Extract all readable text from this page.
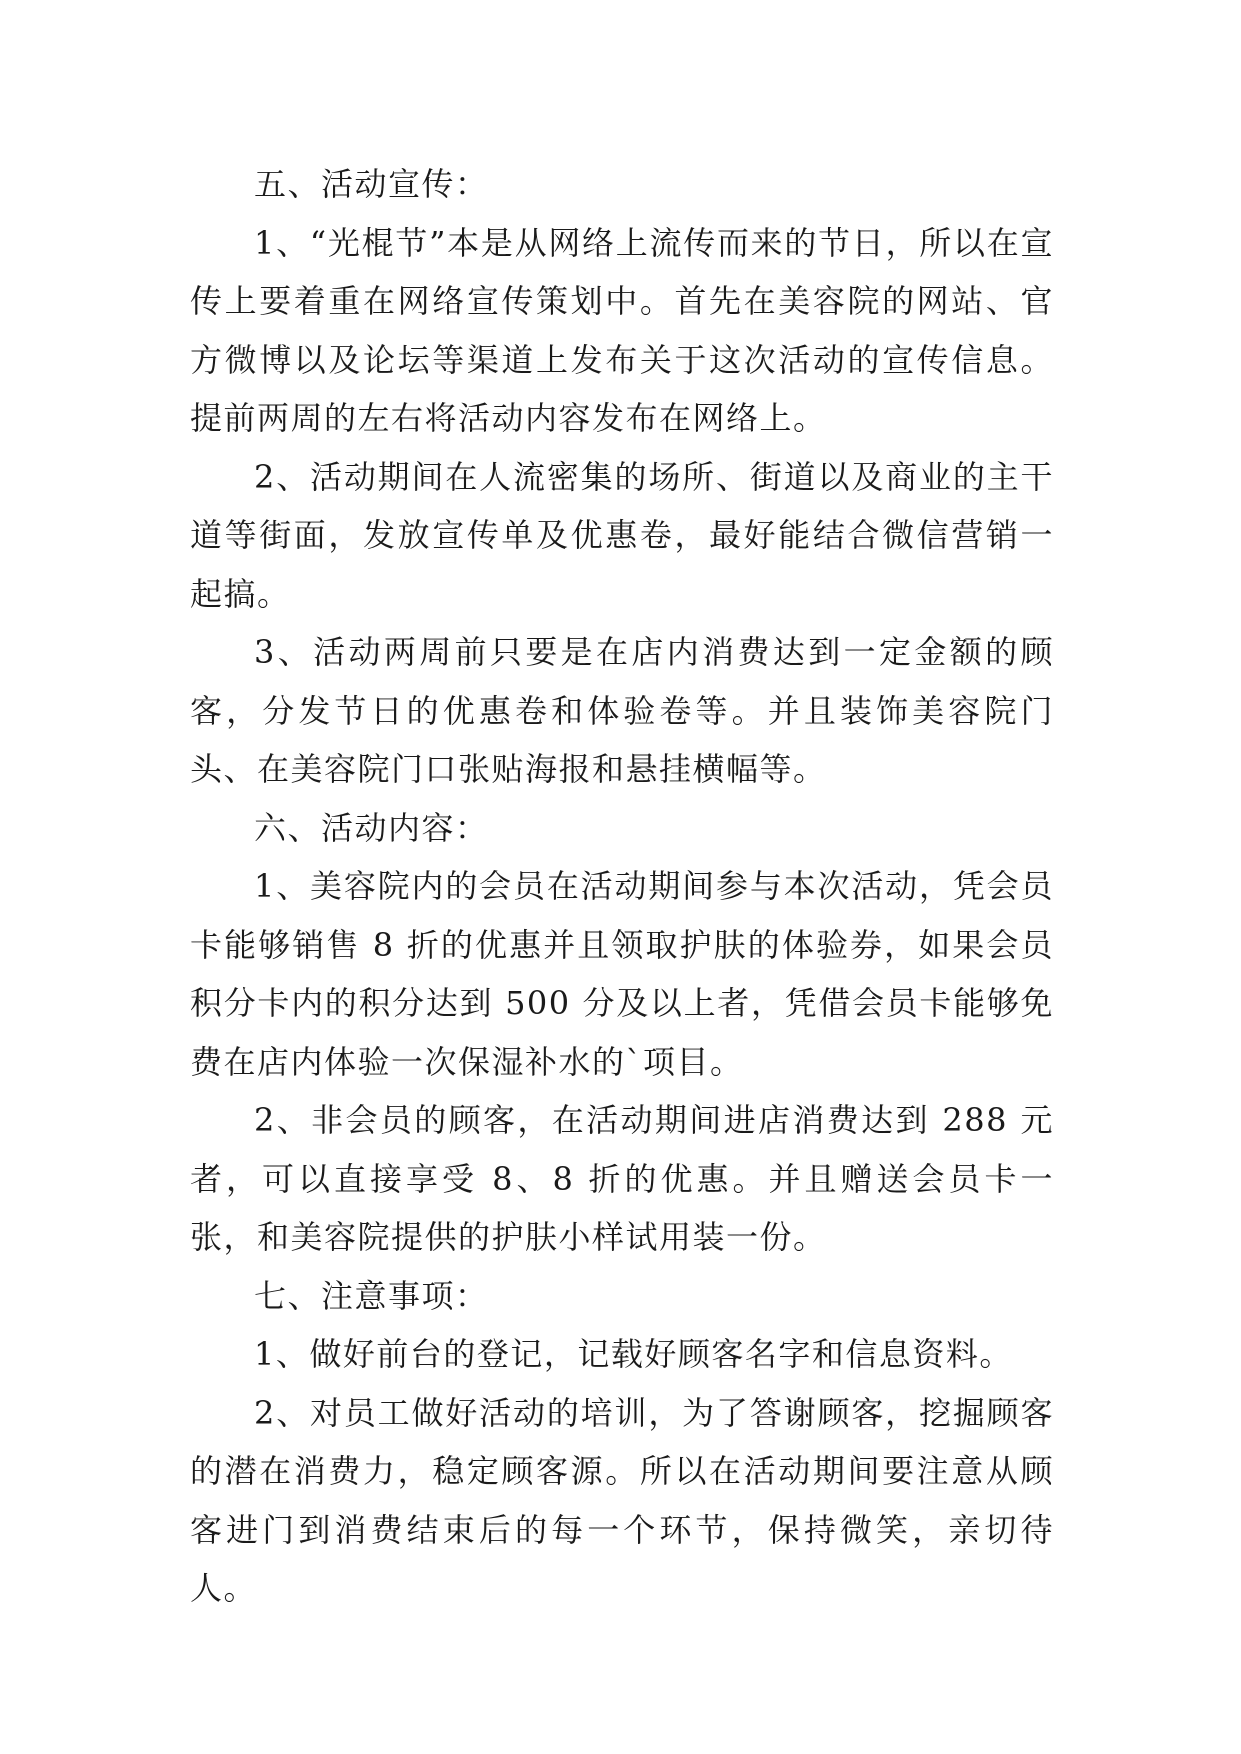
五、活动宣传：

1、“光棍节”本是从网络上流传而来的节日，所以在宣传上要着重在网络宣传策划中。首先在美容院的网站、官方微博以及论坛等渠道上发布关于这次活动的宣传信息。提前两周的左右将活动内容发布在网络上。

2、活动期间在人流密集的场所、街道以及商业的主干道等街面，发放宣传单及优惠卷，最好能结合微信营销一起搞。

3、活动两周前只要是在店内消费达到一定金额的顾客，分发节日的优惠卷和体验卷等。并且装饰美容院门头、在美容院门口张贴海报和悬挂横幅等。

六、活动内容：

1、美容院内的会员在活动期间参与本次活动，凭会员卡能够销售 8 折的优惠并且领取护肤的体验券，如果会员积分卡内的积分达到 500 分及以上者，凭借会员卡能够免费在店内体验一次保湿补水的`项目。

2、非会员的顾客，在活动期间进店消费达到 288 元者，可以直接享受 8、8 折的优惠。并且赠送会员卡一张，和美容院提供的护肤小样试用装一份。

七、注意事项：

1、做好前台的登记，记载好顾客名字和信息资料。

2、对员工做好活动的培训，为了答谢顾客，挖掘顾客的潜在消费力，稳定顾客源。所以在活动期间要注意从顾客进门到消费结束后的每一个环节，保持微笑，亲切待人。
